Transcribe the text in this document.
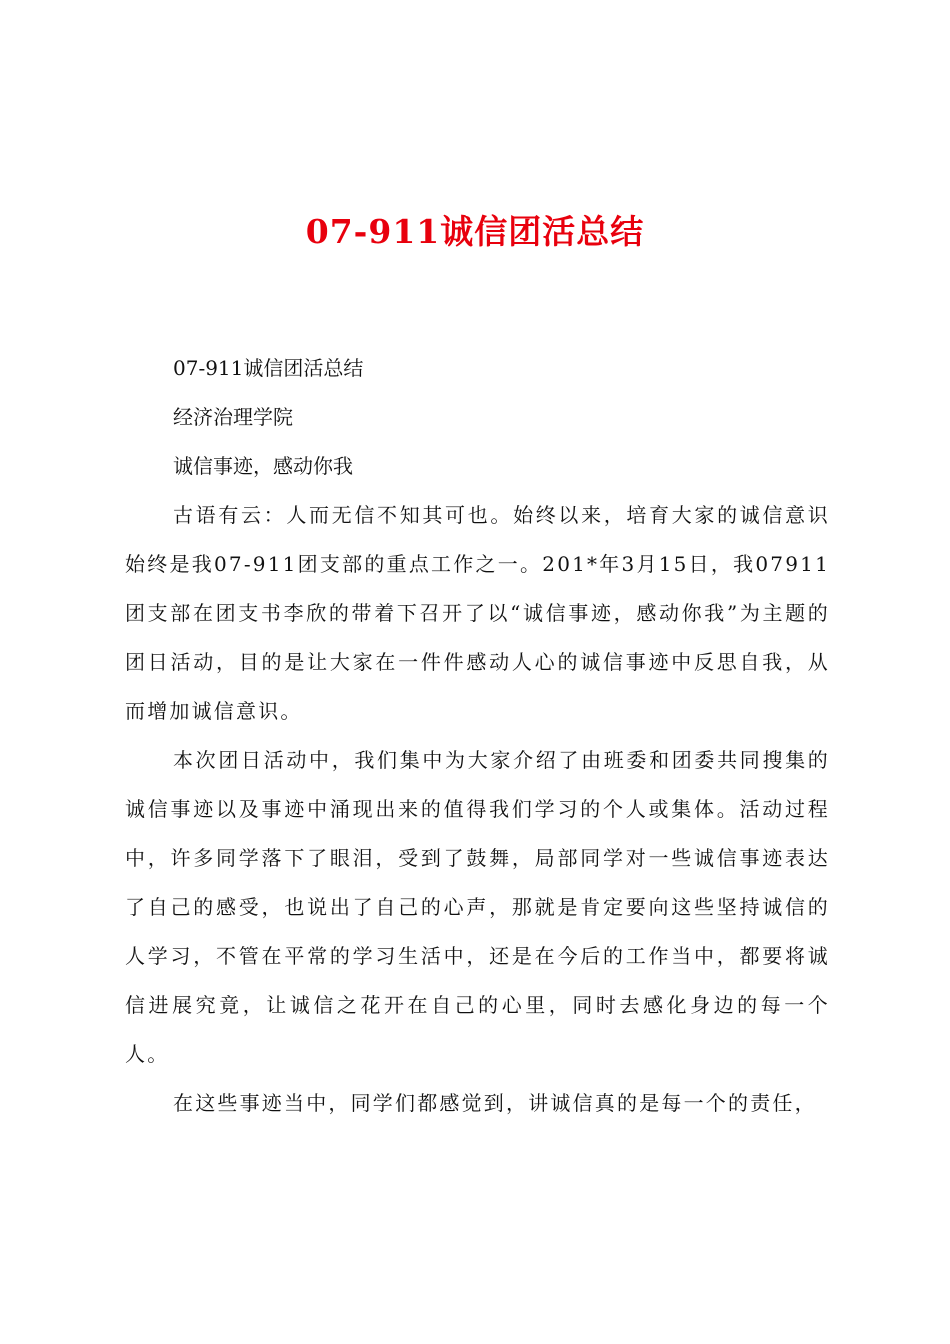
07-911诚信团活总结

07-911诚信团活总结

经济治理学院

诚信事迹，感动你我

古语有云：人而无信不知其可也。始终以来，培育大家的诚信意识始终是我07-911团支部的重点工作之一。201*年3月15日，我07911团支部在团支书李欣的带着下召开了以“诚信事迹，感动你我”为主题的团日活动，目的是让大家在一件件感动人心的诚信事迹中反思自我，从而增加诚信意识。

本次团日活动中，我们集中为大家介绍了由班委和团委共同搜集的诚信事迹以及事迹中涌现出来的值得我们学习的个人或集体。活动过程中，许多同学落下了眼泪，受到了鼓舞，局部同学对一些诚信事迹表达了自己的感受，也说出了自己的心声，那就是肯定要向这些坚持诚信的人学习，不管在平常的学习生活中，还是在今后的工作当中，都要将诚信进展究竟，让诚信之花开在自己的心里，同时去感化身边的每一个人。

在这些事迹当中，同学们都感觉到，讲诚信真的是每一个的责任，
